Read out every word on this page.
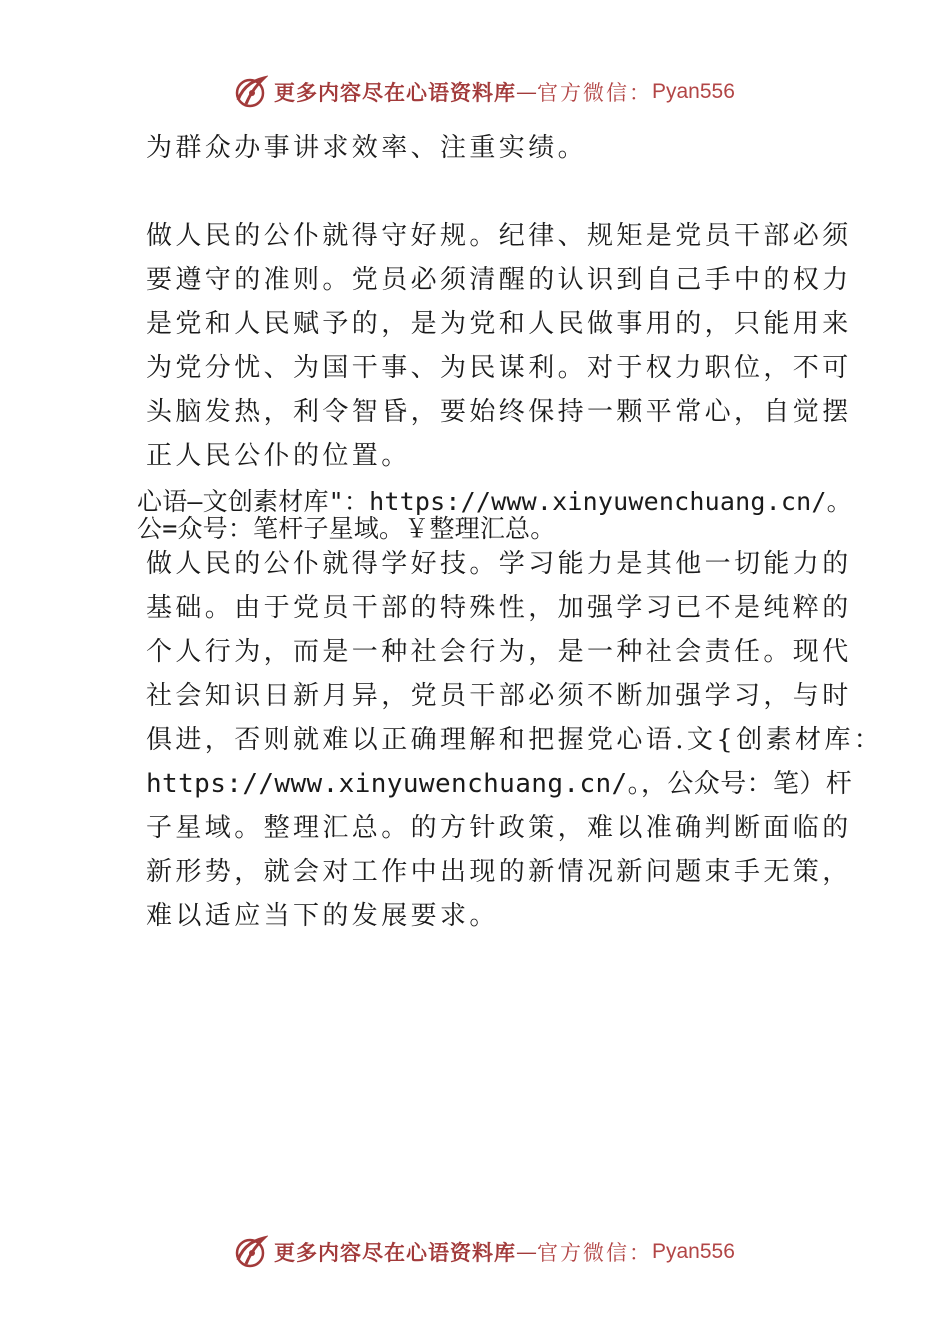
更多内容尽在心语资料库 — 官方微信： Pyan556
为群众办事讲求效率、注重实绩。
做人民的公仆就得守好规。纪律、规矩是党员干部必须
要遵守的准则。党员必须清醒的认识到自己手中的权力
是党和人民赋予的，是为党和人民做事用的，只能用来
为党分忧、为国干事、为民谋利。对于权力职位，不可
头脑发热，利令智昏，要始终保持一颗平常心，自觉摆
正人民公仆的位置。
心语—文创素材库"：https://www.xinyuwenchuang.cn/。
公=众号：笔杆子星域。￥整理汇总。
做人民的公仆就得学好技。学习能力是其他一切能力的
基础。由于党员干部的特殊性，加强学习已不是纯粹的
个人行为，而是一种社会行为，是一种社会责任。现代
社会知识日新月异，党员干部必须不断加强学习，与时
俱进，否则就难以正确理解和把握党心语.文{创素材库：
https://www.xinyuwenchuang.cn/。，公众号：笔）杆
子星域。整理汇总。的方针政策，难以准确判断面临的
新形势，就会对工作中出现的新情况新问题束手无策，
难以适应当下的发展要求。
更多内容尽在心语资料库 — 官方微信： Pyan556
